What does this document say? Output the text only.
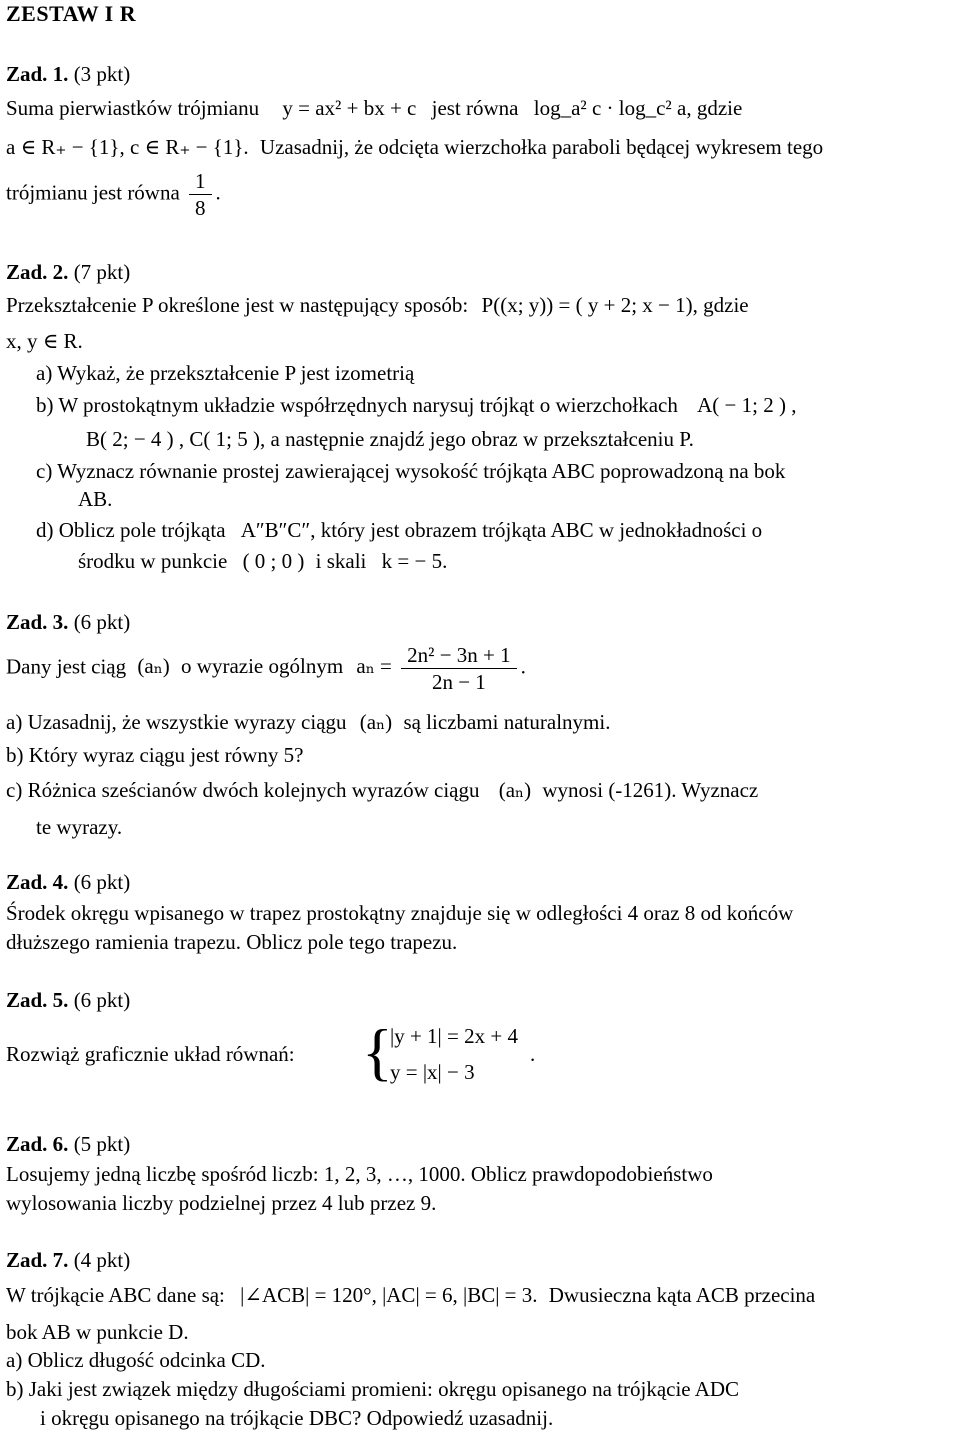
ZESTAW I R
Zad. 1. (3 pkt)
Suma pierwiastków trójmianu y = ax² + bx + c jest równa log_a² c · log_c² a, gdzie
a ∈ R₊ − {1}, c ∈ R₊ − {1}. Uzasadnij, że odcięta wierzchołka paraboli będącej wykresem tego
trójmianu jest równa $\frac{1}{8}$ .
Zad. 2. (7 pkt)
Przekształcenie P określone jest w następujący sposób: P((x; y)) = ( y + 2; x − 1), gdzie
x, y ∈ R.
a) Wykaż, że przekształcenie P jest izometrią
b) W prostokątnym układzie współrzędnych narysuj trójkąt o wierzchołkach A( − 1; 2 ) ,
B( 2; − 4 ) , C( 1; 5 ), a następnie znajdź jego obraz w przekształceniu P.
c) Wyznacz równanie prostej zawierającej wysokość trójkąta ABC poprowadzoną na bok
AB.
d) Oblicz pole trójkąta A″B″C″, który jest obrazem trójkąta ABC w jednokładności o
środku w punkcie ( 0 ; 0 ) i skali k = − 5.
Zad. 3. (6 pkt)
Dany jest ciąg (aₙ) o wyrazie ogólnym $a_n = \frac{\text{2n² − 3n + 1}}{2n - 1}$ .
a) Uzasadnij, że wszystkie wyrazy ciągu (aₙ) są liczbami naturalnymi.
b) Który wyraz ciągu jest równy 5?
c) Różnica sześcianów dwóch kolejnych wyrazów ciągu (aₙ) wynosi (-1261). Wyznacz
te wyrazy.
Zad. 4. (6 pkt)
Środek okręgu wpisanego w trapez prostokątny znajduje się w odległości 4 oraz 8 od końców
dłuższego ramienia trapezu. Oblicz pole tego trapezu.
Zad. 5. (6 pkt)
Rozwiąż graficznie układ równań: {
|y + 1| = 2x + 4
y = |x| − 3
.
Zad. 6. (5 pkt)
Losujemy jedną liczbę spośród liczb: 1, 2, 3, …, 1000. Oblicz prawdopodobieństwo
wylosowania liczby podzielnej przez 4 lub przez 9.
Zad. 7. (4 pkt)
W trójkącie ABC dane są: |∠ACB| = 120°, |AC| = 6, |BC| = 3. Dwusieczna kąta ACB przecina
bok AB w punkcie D.
a) Oblicz długość odcinka CD.
b) Jaki jest związek między długościami promieni: okręgu opisanego na trójkącie ADC
i okręgu opisanego na trójkącie DBC? Odpowiedź uzasadnij.
